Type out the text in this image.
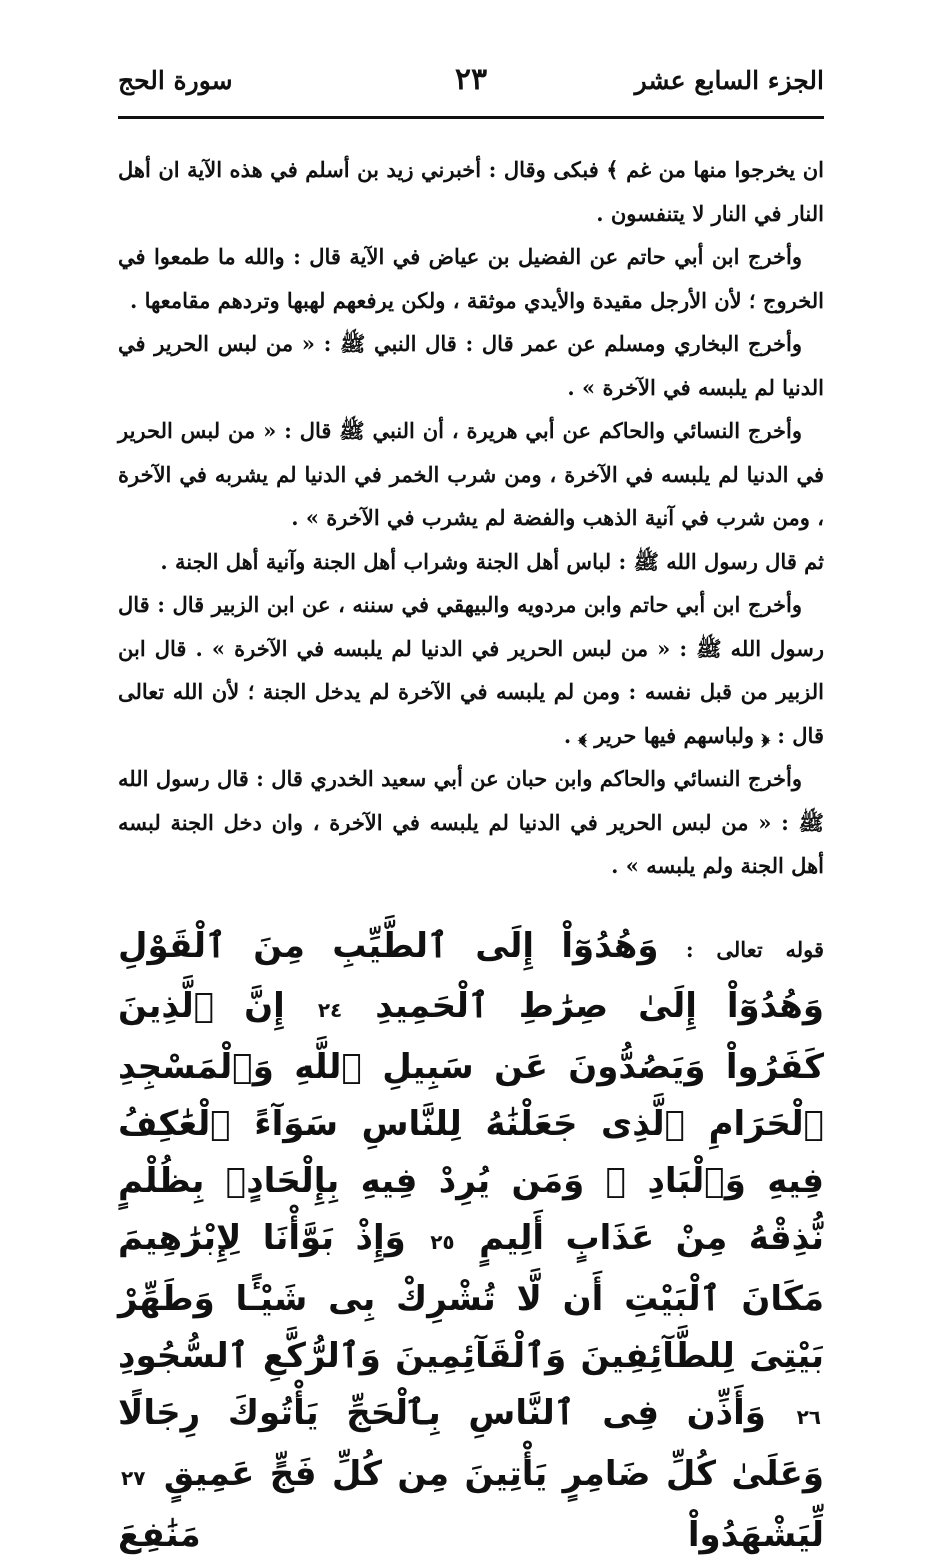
الجزء السابع عشر
٢٣
سورة الحج

ان يخرجوا منها من غم ﴾ فبكى وقال : أخبرني زيد بن أسلم في هذه الآية ان أهل النار في النار لا يتنفسون .

وأخرج ابن أبي حاتم عن الفضيل بن عياض في الآية قال : والله ما طمعوا في الخروج ؛ لأن الأرجل مقيدة والأيدي موثقة ، ولكن يرفعهم لهبها وتردهم مقامعها .

وأخرج البخاري ومسلم عن عمر قال : قال النبي ﷺ : « من لبس الحرير في الدنيا لم يلبسه في الآخرة » .

وأخرج النسائي والحاكم عن أبي هريرة ، أن النبي ﷺ قال : « من لبس الحرير في الدنيا لم يلبسه في الآخرة ، ومن شرب الخمر في الدنيا لم يشربه في الآخرة ، ومن شرب في آنية الذهب والفضة لم يشرب في الآخرة » .

ثم قال رسول الله ﷺ : لباس أهل الجنة وشراب أهل الجنة وآنية أهل الجنة .

وأخرج ابن أبي حاتم وابن مردويه والبيهقي في سننه ، عن ابن الزبير قال : قال رسول الله ﷺ : « من لبس الحرير في الدنيا لم يلبسه في الآخرة » . قال ابن الزبير من قبل نفسه : ومن لم يلبسه في الآخرة لم يدخل الجنة ؛ لأن الله تعالى قال : ﴿ ولباسهم فيها حرير ﴾ .

وأخرج النسائي والحاكم وابن حبان عن أبي سعيد الخدري قال : قال رسول الله ﷺ : « من لبس الحرير في الدنيا لم يلبسه في الآخرة ، وان دخل الجنة لبسه أهل الجنة ولم يلبسه » .

قوله تعالى : وَهُدُوٓاْ إِلَى ٱلطَّيِّبِ مِنَ ٱلْقَوْلِ وَهُدُوٓاْ إِلَىٰ صِرَٰطِ ٱلْحَمِيدِ ٢٤ إِنَّ ٱلَّذِينَ كَفَرُواْ وَيَصُدُّونَ عَن سَبِيلِ ٱللَّهِ وَٱلْمَسْجِدِ ٱلْحَرَامِ ٱلَّذِى جَعَلْنَٰهُ لِلنَّاسِ سَوَآءً ٱلْعَٰكِفُ فِيهِ وَٱلْبَادِ ۚ وَمَن يُرِدْ فِيهِ بِإِلْحَادٍۭ بِظُلْمٍ نُّذِقْهُ مِنْ عَذَابٍ أَلِيمٍ ٢٥ وَإِذْ بَوَّأْنَا لِإِبْرَٰهِيمَ مَكَانَ ٱلْبَيْتِ أَن لَّا تُشْرِكْ بِى شَيْـًٔا وَطَهِّرْ بَيْتِىَ لِلطَّآئِفِينَ وَٱلْقَآئِمِينَ وَٱلرُّكَّعِ ٱلسُّجُودِ ٢٦ وَأَذِّن فِى ٱلنَّاسِ بِٱلْحَجِّ يَأْتُوكَ رِجَالًا وَعَلَىٰ كُلِّ ضَامِرٍ يَأْتِينَ مِن كُلِّ فَجٍّ عَمِيقٍ ٢٧ لِّيَشْهَدُواْ مَنَٰفِعَ
